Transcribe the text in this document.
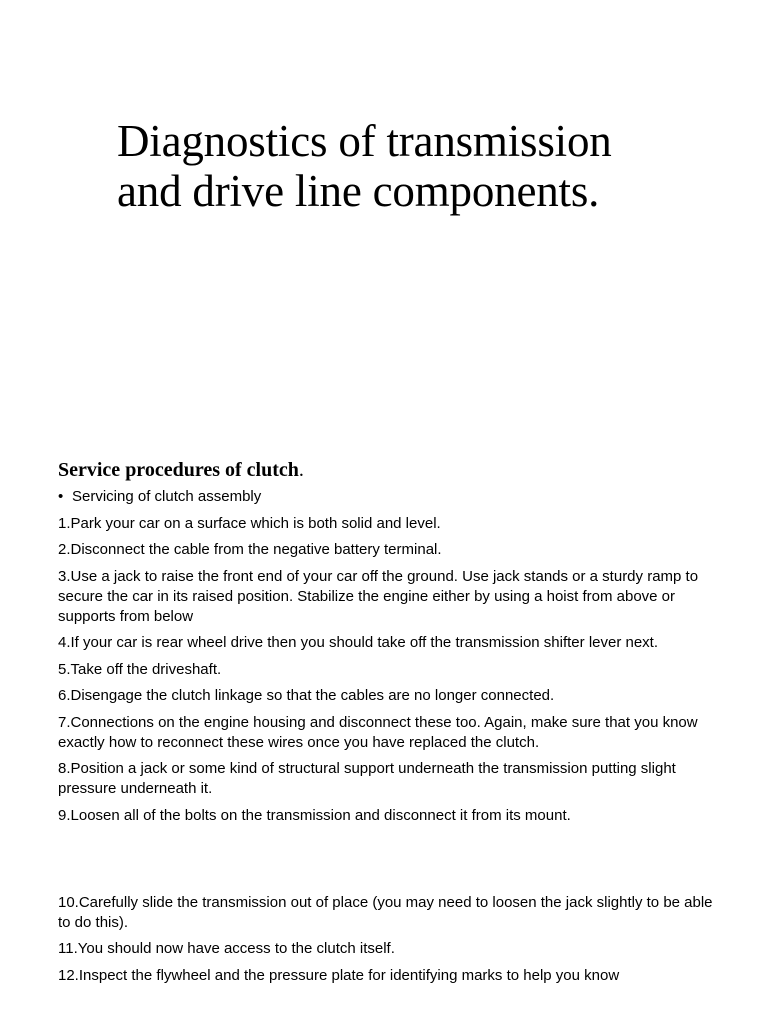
Diagnostics of transmission
and drive line components.
Service procedures of clutch.
• Servicing of clutch assembly
1.Park your car on a surface which is both solid and level.
2.Disconnect the cable from the negative battery terminal.
3.Use a jack to raise the front end of your car off the ground. Use jack stands or a sturdy ramp to secure the car in its raised position. Stabilize the engine either by using a hoist from above or supports from below
4.If your car is rear wheel drive then you should take off the transmission shifter lever next.
5.Take off the driveshaft.
6.Disengage the clutch linkage so that the cables are no longer connected.
7.Connections on the engine housing and disconnect these too. Again, make sure that you know exactly how to reconnect these wires once you have replaced the clutch.
8.Position a jack or some kind of structural support underneath the transmission putting slight pressure underneath it.
9.Loosen all of the bolts on the transmission and disconnect it from its mount.
10.Carefully slide the transmission out of place (you may need to loosen the jack slightly to be able to do this).
11.You should now have access to the clutch itself.
12.Inspect the flywheel and the pressure plate for identifying marks to help you know
